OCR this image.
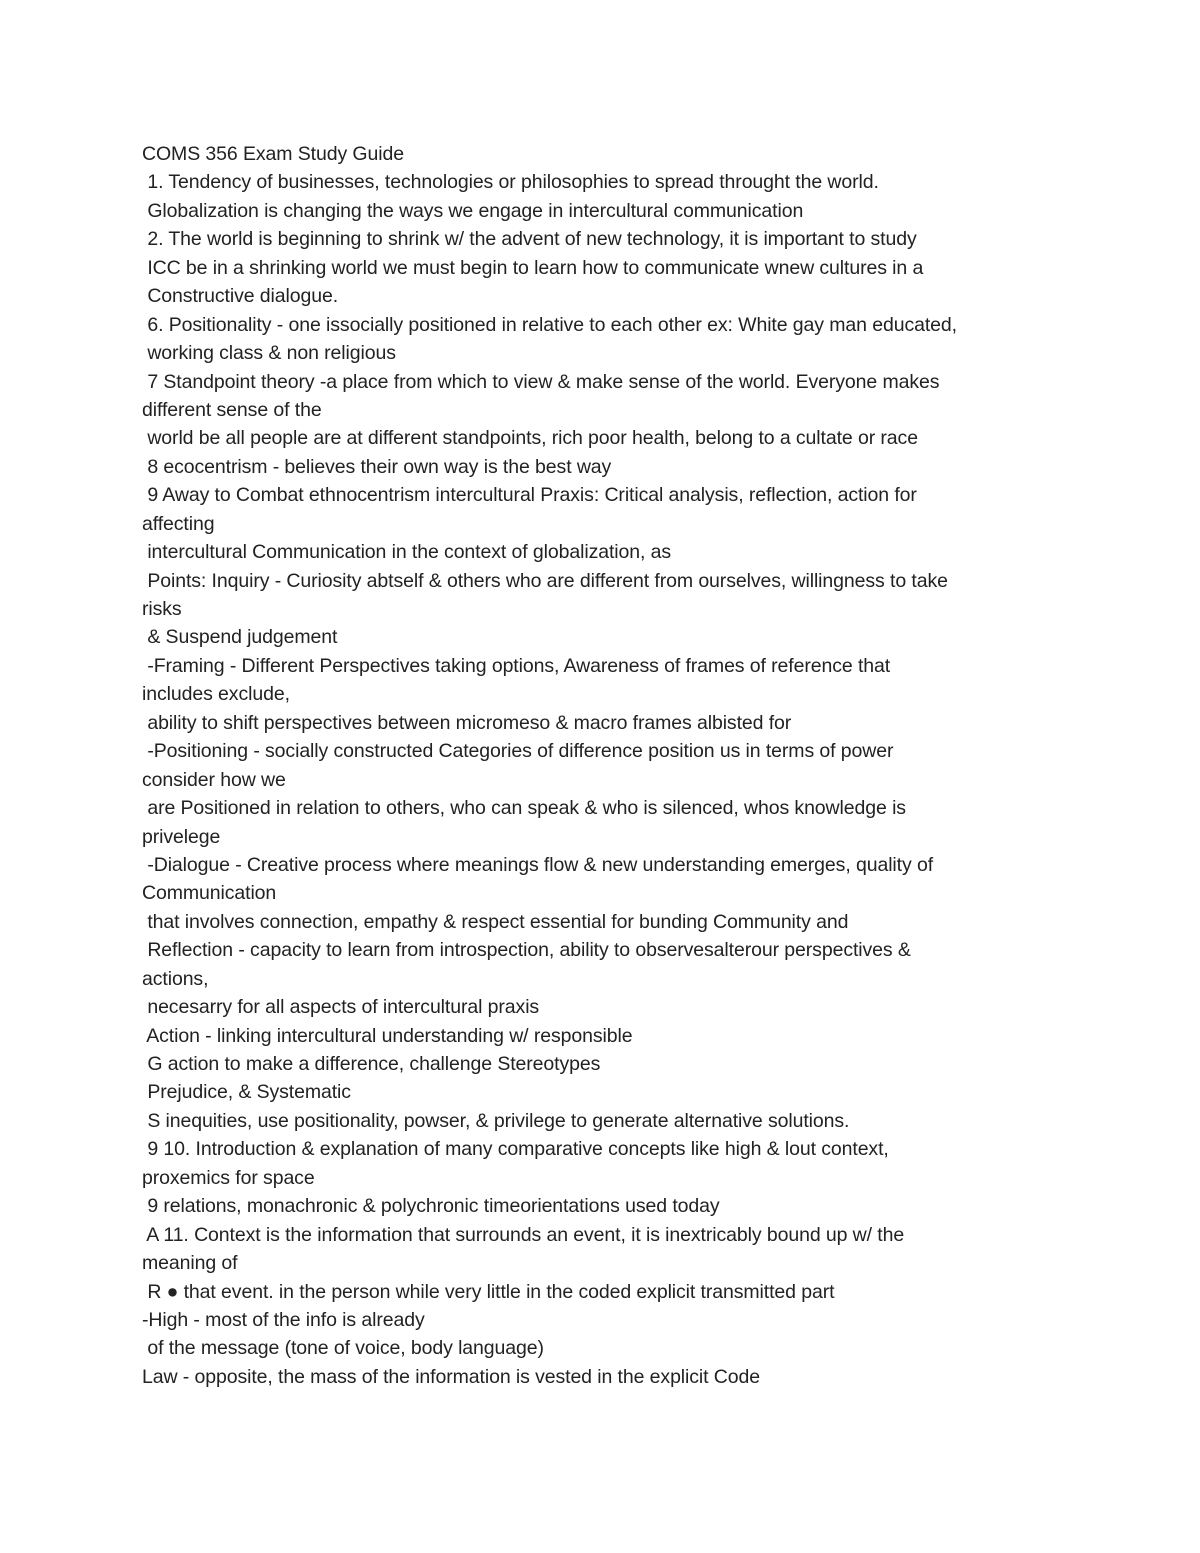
COMS 356 Exam Study Guide
1. Tendency of businesses, technologies or philosophies to spread throught the world.
Globalization is changing the ways we engage in intercultural communication
2. The world is beginning to shrink w/ the advent of new technology, it is important to study
ICC be in a shrinking world we must begin to learn how to communicate wnew cultures in a
Constructive dialogue.
6. Positionality - one issocially positioned in relative to each other ex: White gay man educated,
working class & non religious
7 Standpoint theory -a place from which to view & make sense of the world. Everyone makes
different sense of the
world be all people are at different standpoints, rich poor health, belong to a cultate or race
8 ecocentrism - believes their own way is the best way
9 Away to Combat ethnocentrism intercultural Praxis: Critical analysis, reflection, action for
affecting
intercultural Communication in the context of globalization, as
Points: Inquiry - Curiosity abtself & others who are different from ourselves, willingness to take
risks
& Suspend judgement
-Framing - Different Perspectives taking options, Awareness of frames of reference that
includes exclude,
ability to shift perspectives between micromeso & macro frames albisted for
-Positioning - socially constructed Categories of difference position us in terms of power
consider how we
are Positioned in relation to others, who can speak & who is silenced, whos knowledge is
privelege
-Dialogue - Creative process where meanings flow & new understanding emerges, quality of
Communication
that involves connection, empathy & respect essential for bunding Community and
Reflection - capacity to learn from introspection, ability to observesalterour perspectives &
actions,
necesarry for all aspects of intercultural praxis
Action - linking intercultural understanding w/ responsible
G action to make a difference, challenge Stereotypes
Prejudice, & Systematic
S inequities, use positionality, powser, & privilege to generate alternative solutions.
9 10. Introduction & explanation of many comparative concepts like high & lout context,
proxemics for space
9 relations, monachronic & polychronic timeorientations used today
A 11. Context is the information that surrounds an event, it is inextricably bound up w/ the
meaning of
R ● that event. in the person while very little in the coded explicit transmitted part
-High - most of the info is already
of the message (tone of voice, body language)
Law - opposite, the mass of the information is vested in the explicit Code
